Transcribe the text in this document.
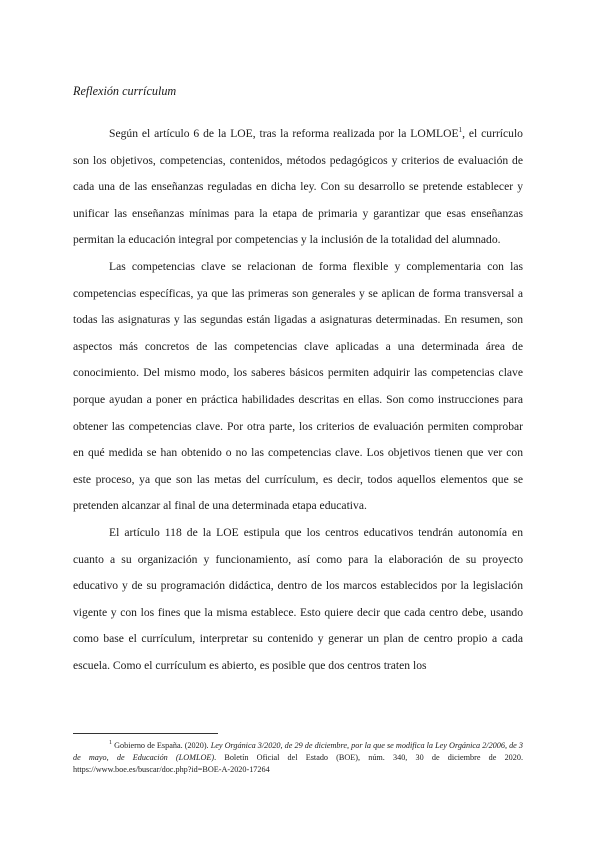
Reflexión currículum

Según el artículo 6 de la LOE, tras la reforma realizada por la LOMLOE$^1$, el currículo son los objetivos, competencias, contenidos, métodos pedagógicos y criterios de evaluación de cada una de las enseñanzas reguladas en dicha ley. Con su desarrollo se pretende establecer y unificar las enseñanzas mínimas para la etapa de primaria y garantizar que esas enseñanzas permitan la educación integral por competencias y la inclusión de la totalidad del alumnado.

Las competencias clave se relacionan de forma flexible y complementaria con las competencias específicas, ya que las primeras son generales y se aplican de forma transversal a todas las asignaturas y las segundas están ligadas a asignaturas determinadas. En resumen, son aspectos más concretos de las competencias clave aplicadas a una determinada área de conocimiento. Del mismo modo, los saberes básicos permiten adquirir las competencias clave porque ayudan a poner en práctica habilidades descritas en ellas. Son como instrucciones para obtener las competencias clave. Por otra parte, los criterios de evaluación permiten comprobar en qué medida se han obtenido o no las competencias clave. Los objetivos tienen que ver con este proceso, ya que son las metas del currículum, es decir, todos aquellos elementos que se pretenden alcanzar al final de una determinada etapa educativa.

El artículo 118 de la LOE estipula que los centros educativos tendrán autonomía en cuanto a su organización y funcionamiento, así como para la elaboración de su proyecto educativo y de su programación didáctica, dentro de los marcos establecidos por la legislación vigente y con los fines que la misma establece. Esto quiere decir que cada centro debe, usando como base el currículum, interpretar su contenido y generar un plan de centro propio a cada escuela. Como el currículum es abierto, es posible que dos centros traten los

$^1$ Gobierno de España. (2020). Ley Orgánica 3/2020, de 29 de diciembre, por la que se modifica la Ley Orgánica 2/2006, de 3 de mayo, de Educación (LOMLOE). Boletín Oficial del Estado (BOE), núm. 340, 30 de diciembre de 2020. https://www.boe.es/buscar/doc.php?id=BOE-A-2020-17264
